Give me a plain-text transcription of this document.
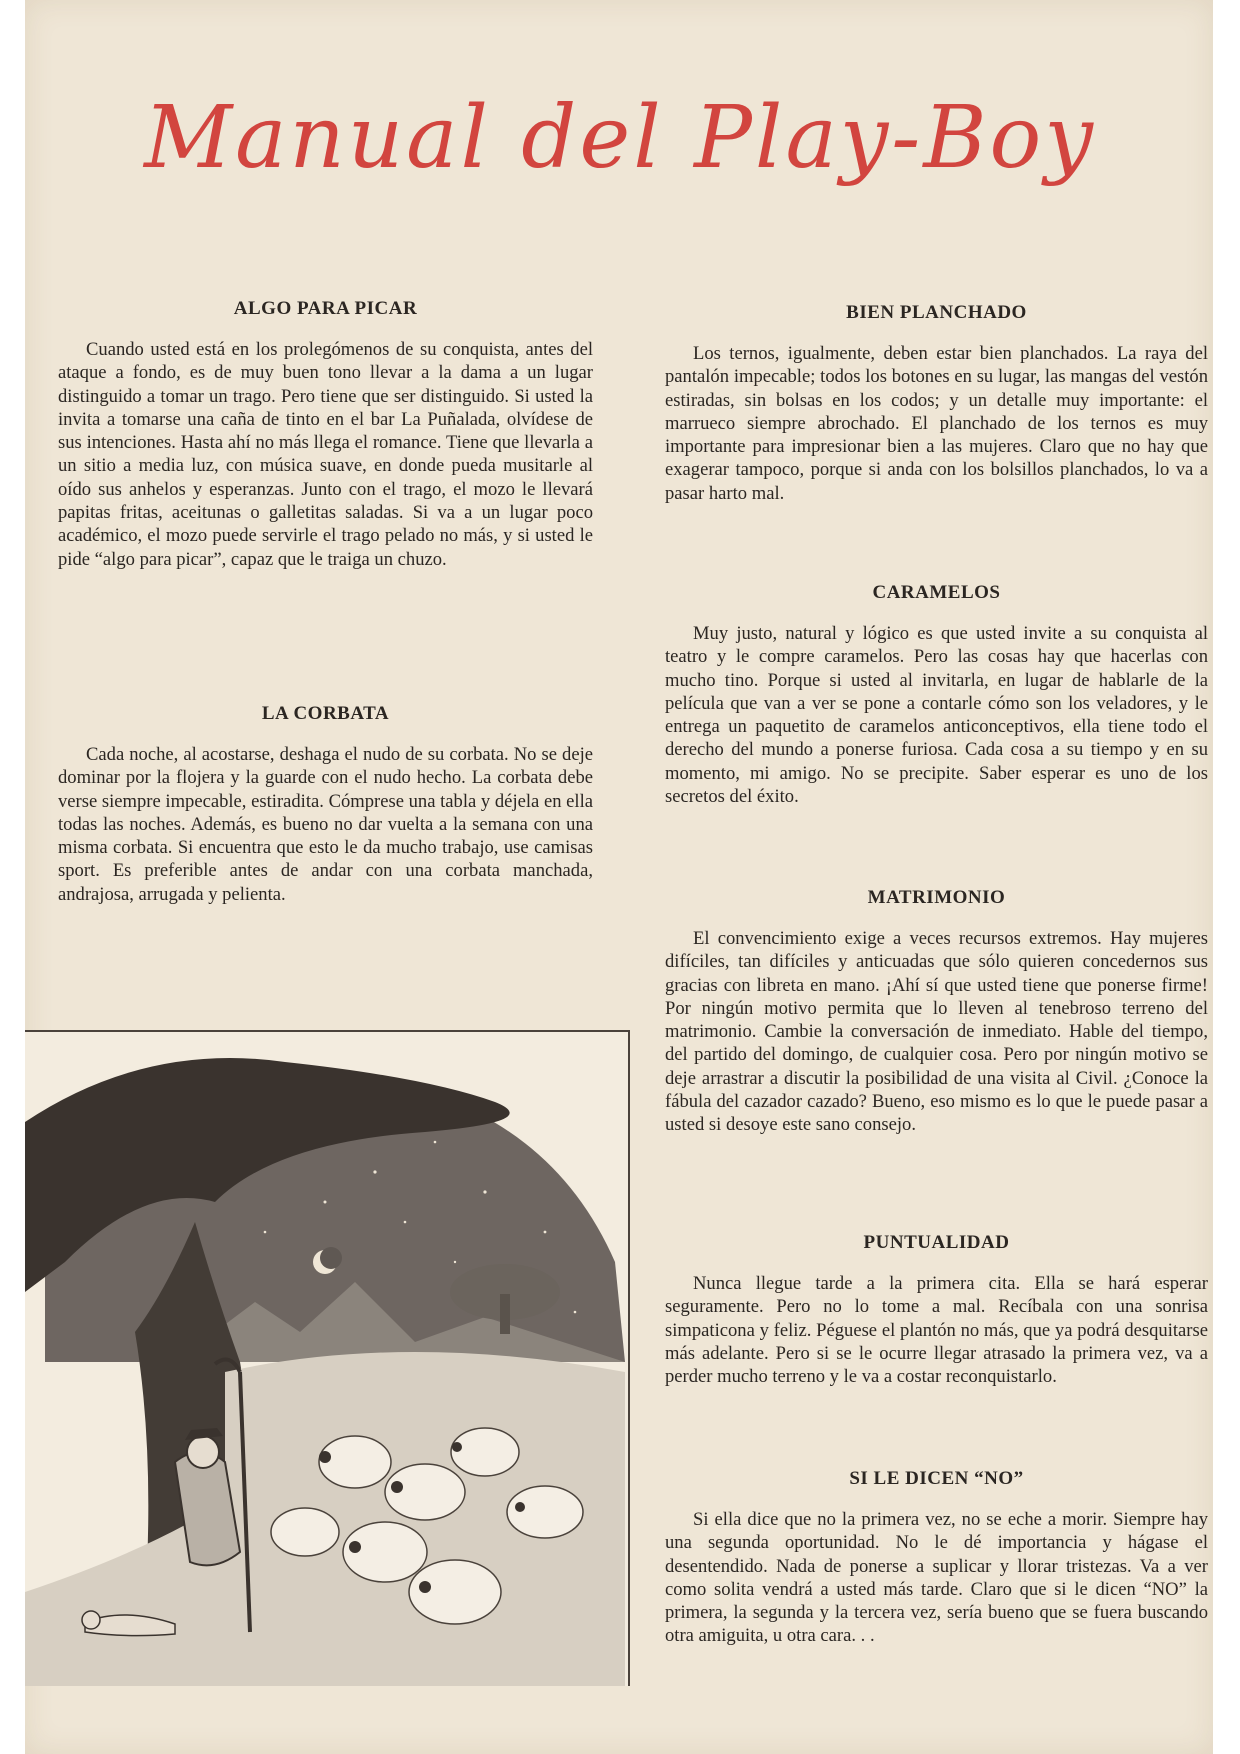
Manual del Play-Boy
ALGO PARA PICAR

Cuando usted está en los prolegómenos de su conquista, antes del ataque a fondo, es de muy buen tono llevar a la dama a un lugar distinguido a tomar un trago. Pero tiene que ser distinguido. Si usted la invita a tomarse una caña de tinto en el bar La Puñalada, olvídese de sus intenciones. Hasta ahí no más llega el romance. Tiene que llevarla a un sitio a media luz, con música suave, en donde pueda musitarle al oído sus anhelos y esperanzas. Junto con el trago, el mozo le llevará papitas fritas, aceitunas o galletitas saladas. Si va a un lugar poco académico, el mozo puede servirle el trago pelado no más, y si usted le pide “algo para picar”, capaz que le traiga un chuzo.

LA CORBATA

Cada noche, al acostarse, deshaga el nudo de su corbata. No se deje dominar por la flojera y la guarde con el nudo hecho. La corbata debe verse siempre impecable, estiradita. Cómprese una tabla y déjela en ella todas las noches. Además, es bueno no dar vuelta a la semana con una misma corbata. Si encuentra que esto le da mucho trabajo, use camisas sport. Es preferible antes de andar con una corbata manchada, andrajosa, arrugada y pelienta.

BIEN PLANCHADO

Los ternos, igualmente, deben estar bien planchados. La raya del pantalón impecable; todos los botones en su lugar, las mangas del vestón estiradas, sin bolsas en los codos; y un detalle muy importante: el marrueco siempre abrochado. El planchado de los ternos es muy importante para impresionar bien a las mujeres. Claro que no hay que exagerar tampoco, porque si anda con los bolsillos planchados, lo va a pasar harto mal.

CARAMELOS

Muy justo, natural y lógico es que usted invite a su conquista al teatro y le compre caramelos. Pero las cosas hay que hacerlas con mucho tino. Porque si usted al invitarla, en lugar de hablarle de la película que van a ver se pone a contarle cómo son los veladores, y le entrega un paquetito de caramelos anticonceptivos, ella tiene todo el derecho del mundo a ponerse furiosa. Cada cosa a su tiempo y en su momento, mi amigo. No se precipite. Saber esperar es uno de los secretos del éxito.

MATRIMONIO

El convencimiento exige a veces recursos extremos. Hay mujeres difíciles, tan difíciles y anticuadas que sólo quieren concedernos sus gracias con libreta en mano. ¡Ahí sí que usted tiene que ponerse firme! Por ningún motivo permita que lo lleven al tenebroso terreno del matrimonio. Cambie la conversación de inmediato. Hable del tiempo, del partido del domingo, de cualquier cosa. Pero por ningún motivo se deje arrastrar a discutir la posibilidad de una visita al Civil. ¿Conoce la fábula del cazador cazado? Bueno, eso mismo es lo que le puede pasar a usted si desoye este sano consejo.

PUNTUALIDAD

Nunca llegue tarde a la primera cita. Ella se hará esperar seguramente. Pero no lo tome a mal. Recíbala con una sonrisa simpaticona y feliz. Péguese el plantón no más, que ya podrá desquitarse más adelante. Pero si se le ocurre llegar atrasado la primera vez, va a perder mucho terreno y le va a costar reconquistarlo.

SI LE DICEN “NO”

Si ella dice que no la primera vez, no se eche a morir. Siempre hay una segunda oportunidad. No le dé importancia y hágase el desentendido. Nada de ponerse a suplicar y llorar tristezas. Va a ver como solita vendrá a usted más tarde. Claro que si le dicen “NO” la primera, la segunda y la tercera vez, sería bueno que se fuera buscando otra amiguita, u otra cara. . .
